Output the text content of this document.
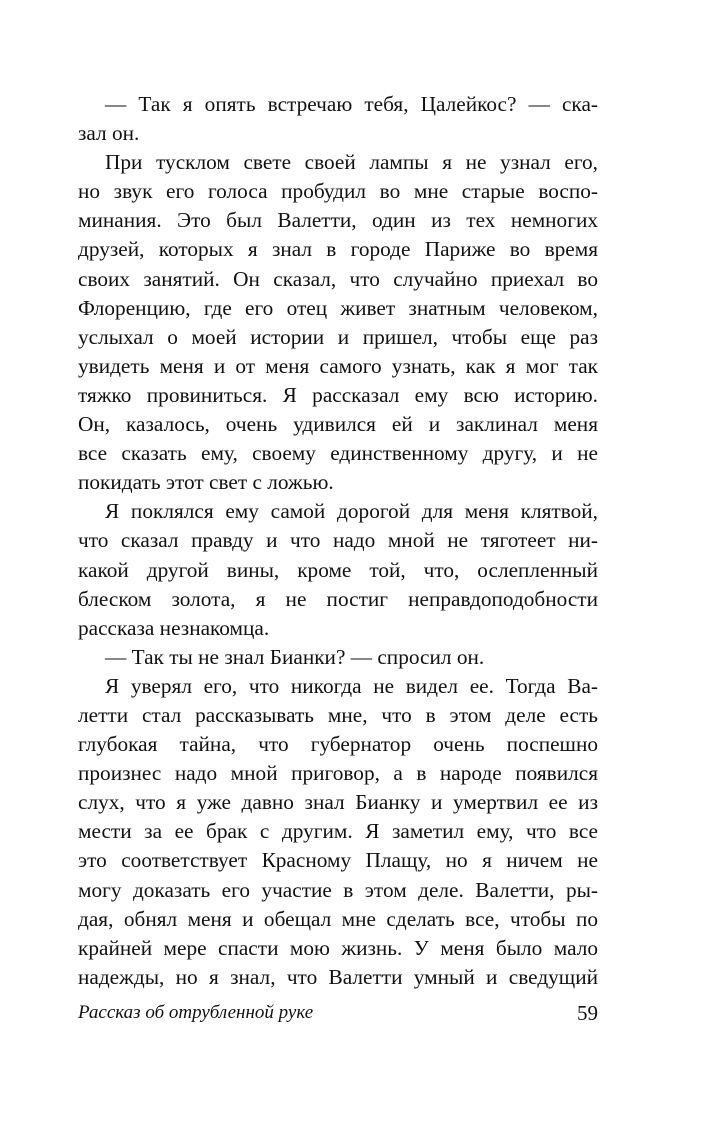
— Так я опять встречаю тебя, Цалейкос? — ска-
зал он.
При тусклом свете своей лампы я не узнал его,
но звук его голоса пробудил во мне старые воспо-
минания. Это был Валетти, один из тех немногих
друзей, которых я знал в городе Париже во время
своих занятий. Он сказал, что случайно приехал во
Флоренцию, где его отец живет знатным человеком,
услыхал о моей истории и пришел, чтобы еще раз
увидеть меня и от меня самого узнать, как я мог так
тяжко провиниться. Я рассказал ему всю историю.
Он, казалось, очень удивился ей и заклинал меня
все сказать ему, своему единственному другу, и не
покидать этот свет с ложью.
Я поклялся ему самой дорогой для меня клятвой,
что сказал правду и что надо мной не тяготеет ни-
какой другой вины, кроме той, что, ослепленный
блеском золота, я не постиг неправдоподобности
рассказа незнакомца.
— Так ты не знал Бианки? — спросил он.
Я уверял его, что никогда не видел ее. Тогда Ва-
летти стал рассказывать мне, что в этом деле есть
глубокая тайна, что губернатор очень поспешно
произнес надо мной приговор, а в народе появился
слух, что я уже давно знал Бианку и умертвил ее из
мести за ее брак с другим. Я заметил ему, что все
это соответствует Красному Плащу, но я ничем не
могу доказать его участие в этом деле. Валетти, ры-
дая, обнял меня и обещал мне сделать все, чтобы по
крайней мере спасти мою жизнь. У меня было мало
надежды, но я знал, что Валетти умный и сведущий
Рассказ об отрубленной руке	59
